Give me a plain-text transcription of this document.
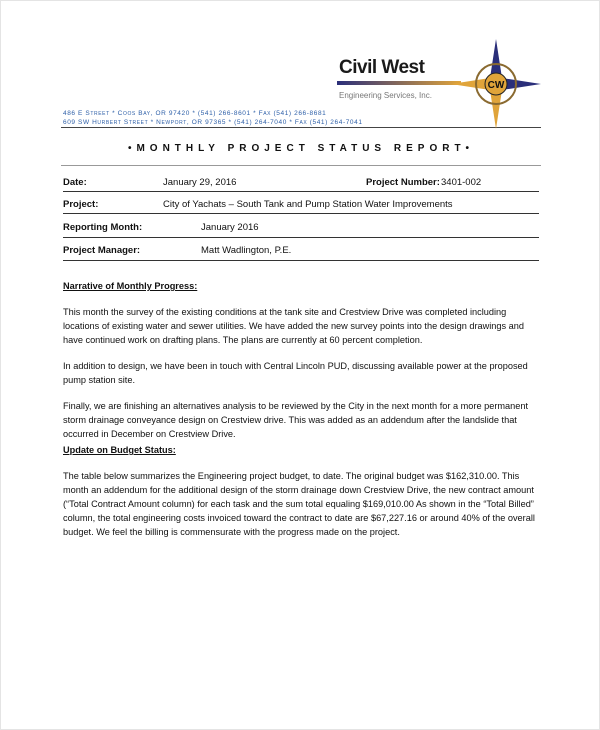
Civil West
Engineering Services, Inc.
CW
486 E Street * Coos Bay, OR 97420 * (541) 266-8601 * Fax (541) 266-8681
609 SW Hurbert Street * Newport, OR 97365 * (541) 264-7040 * Fax (541) 264-7041
•MONTHLY PROJECT STATUS REPORT•
Date:	January 29, 2016	Project Number: 3401-002
Project:	City of Yachats – South Tank and Pump Station Water Improvements
Reporting Month:	January 2016
Project Manager:	Matt Wadlington, P.E.
Narrative of Monthly Progress:

This month the survey of the existing conditions at the tank site and Crestview Drive was completed including locations of existing water and sewer utilities. We have added the new survey points into the design drawings and have continued work on drafting plans. The plans are currently at 60 percent completion.

In addition to design, we have been in touch with Central Lincoln PUD, discussing available power at the proposed pump station site.

Finally, we are finishing an alternatives analysis to be reviewed by the City in the next month for a more permanent storm drainage conveyance design on Crestview drive. This was added as an addendum after the landslide that occurred in December on Crestview Drive.

Update on Budget Status:

The table below summarizes the Engineering project budget, to date. The original budget was $162,310.00. This month an addendum for the additional design of the storm drainage down Crestview Drive, the new contract amount (“Total Contract Amount column) for each task and the sum total equaling $169,010.00 As shown in the “Total Billed” column, the total engineering costs invoiced toward the contract to date are $67,227.16 or around 40% of the overall budget. We feel the billing is commensurate with the progress made on the project.
